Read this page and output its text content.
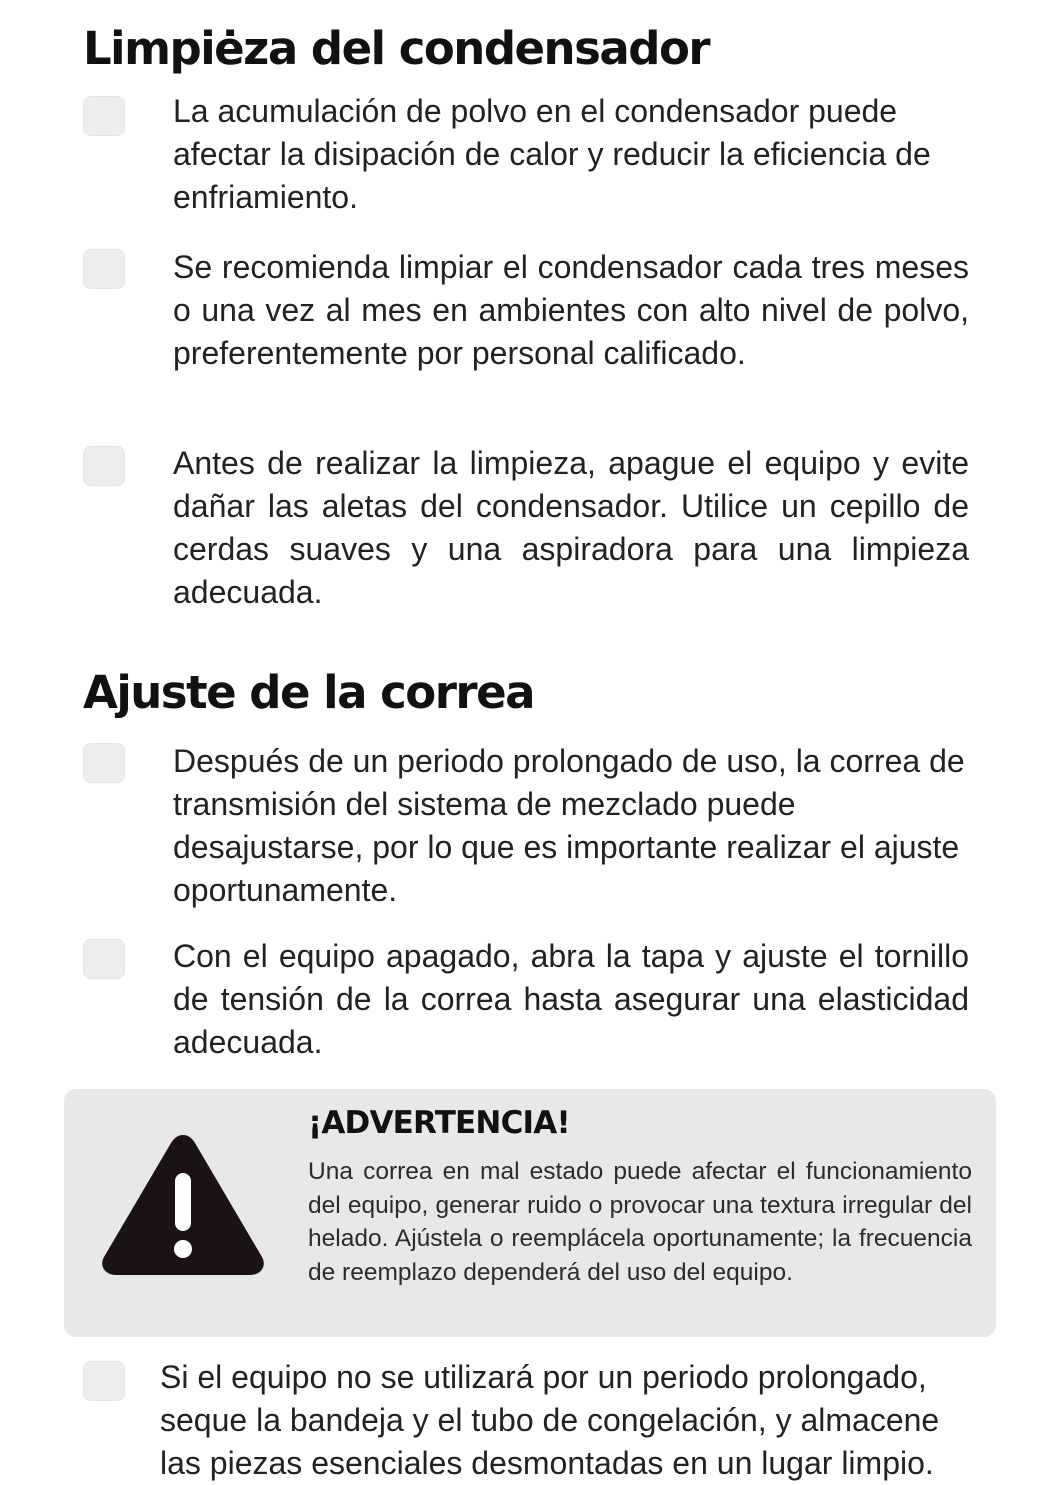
Limpiėza del condensador

La acumulación de polvo en el condensador puede afectar la disipación de calor y reducir la eficiencia de enfriamiento.

Se recomienda limpiar el condensador cada tres meses o una vez al mes en ambientes con alto nivel de polvo, preferentemente por personal calificado.

Antes de realizar la limpieza, apague el equipo y evite dañar las aletas del condensador. Utilice un cepillo de cerdas suaves y una aspiradora para una limpieza adecuada.

Ajuste de la correa

Después de un periodo prolongado de uso, la correa de transmisión del sistema de mezclado puede desajustarse, por lo que es importante realizar el ajuste oportunamente.

Con el equipo apagado, abra la tapa y ajuste el tornillo de tensión de la correa hasta asegurar una elasticidad adecuada.

¡ADVERTENCIA!

Una correa en mal estado puede afectar el funcionamiento del equipo, generar ruido o provocar una textura irregular del helado. Ajústela o reemplácela oportunamente; la frecuencia de reemplazo dependerá del uso del equipo.

Si el equipo no se utilizará por un periodo prolongado, seque la bandeja y el tubo de congelación, y almacene las piezas esenciales desmontadas en un lugar limpio.
